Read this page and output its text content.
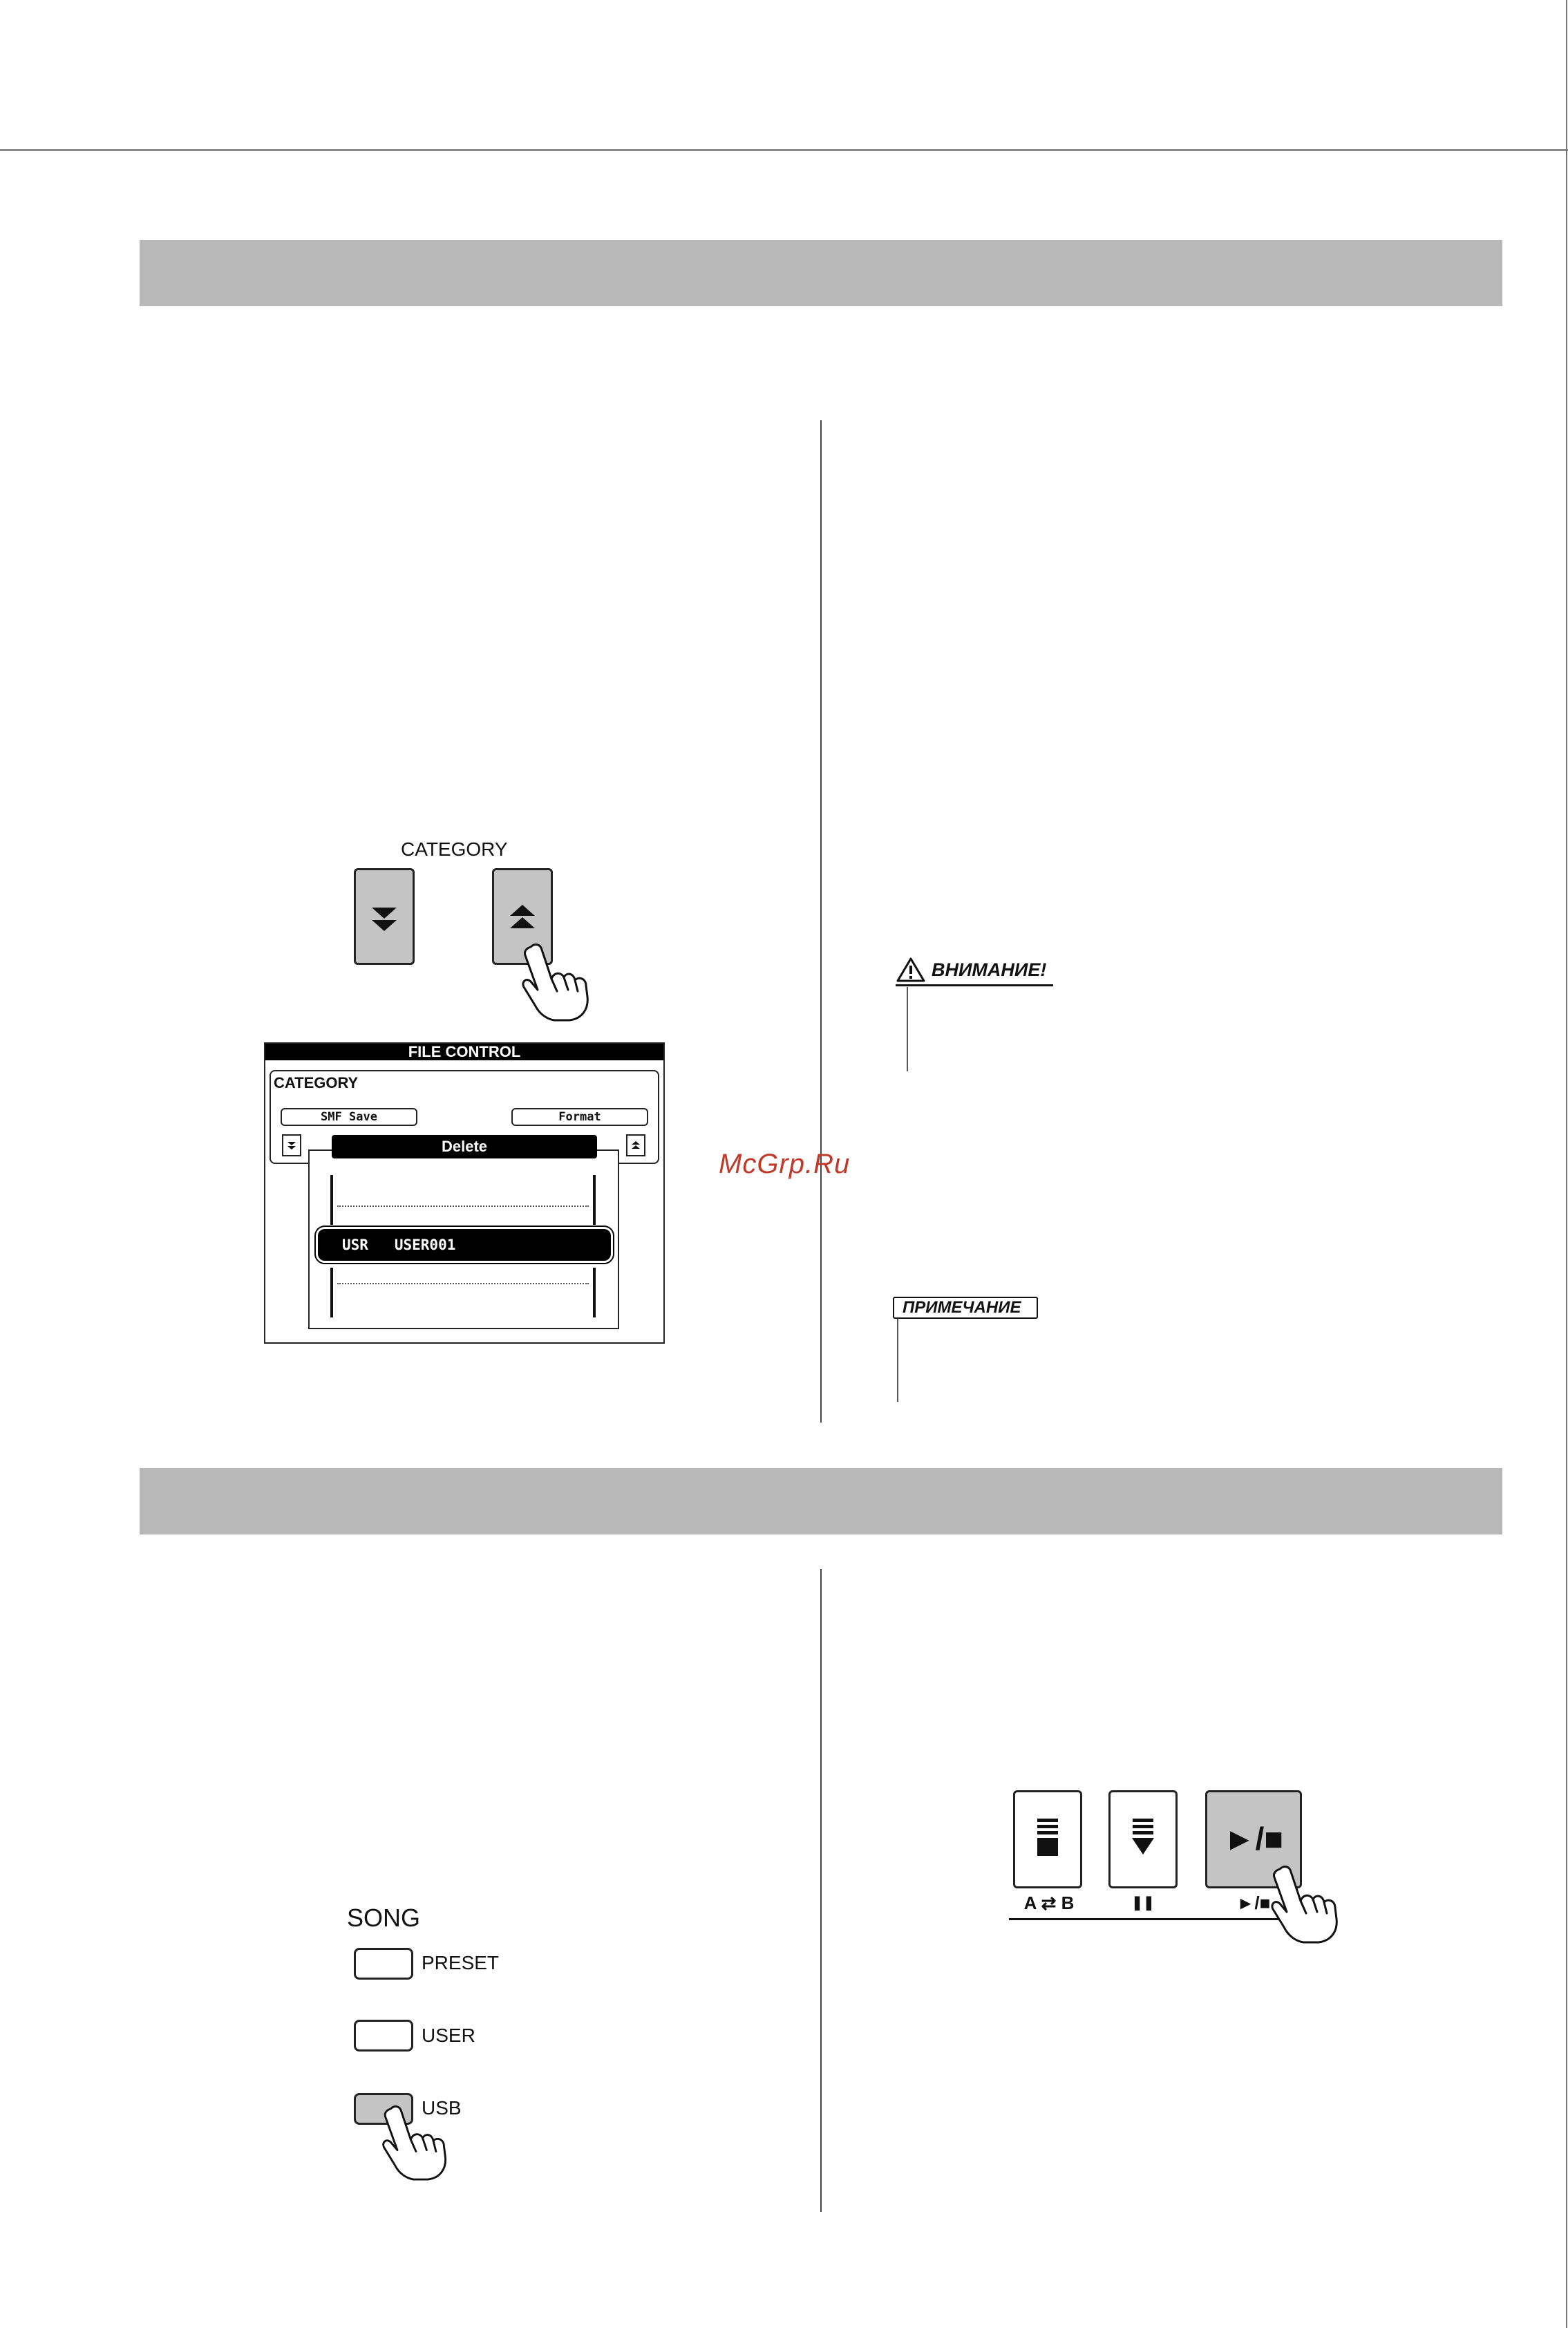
CATEGORY
FILE CONTROL
CATEGORY
SMF Save	Format
Delete
USR   USER001
ВНИМАНИЕ!
McGrp.Ru
ПРИМЕЧАНИЕ
SONG
PRESET
USER
USB
►/■
A ⇄ B	❚❚	►/■
